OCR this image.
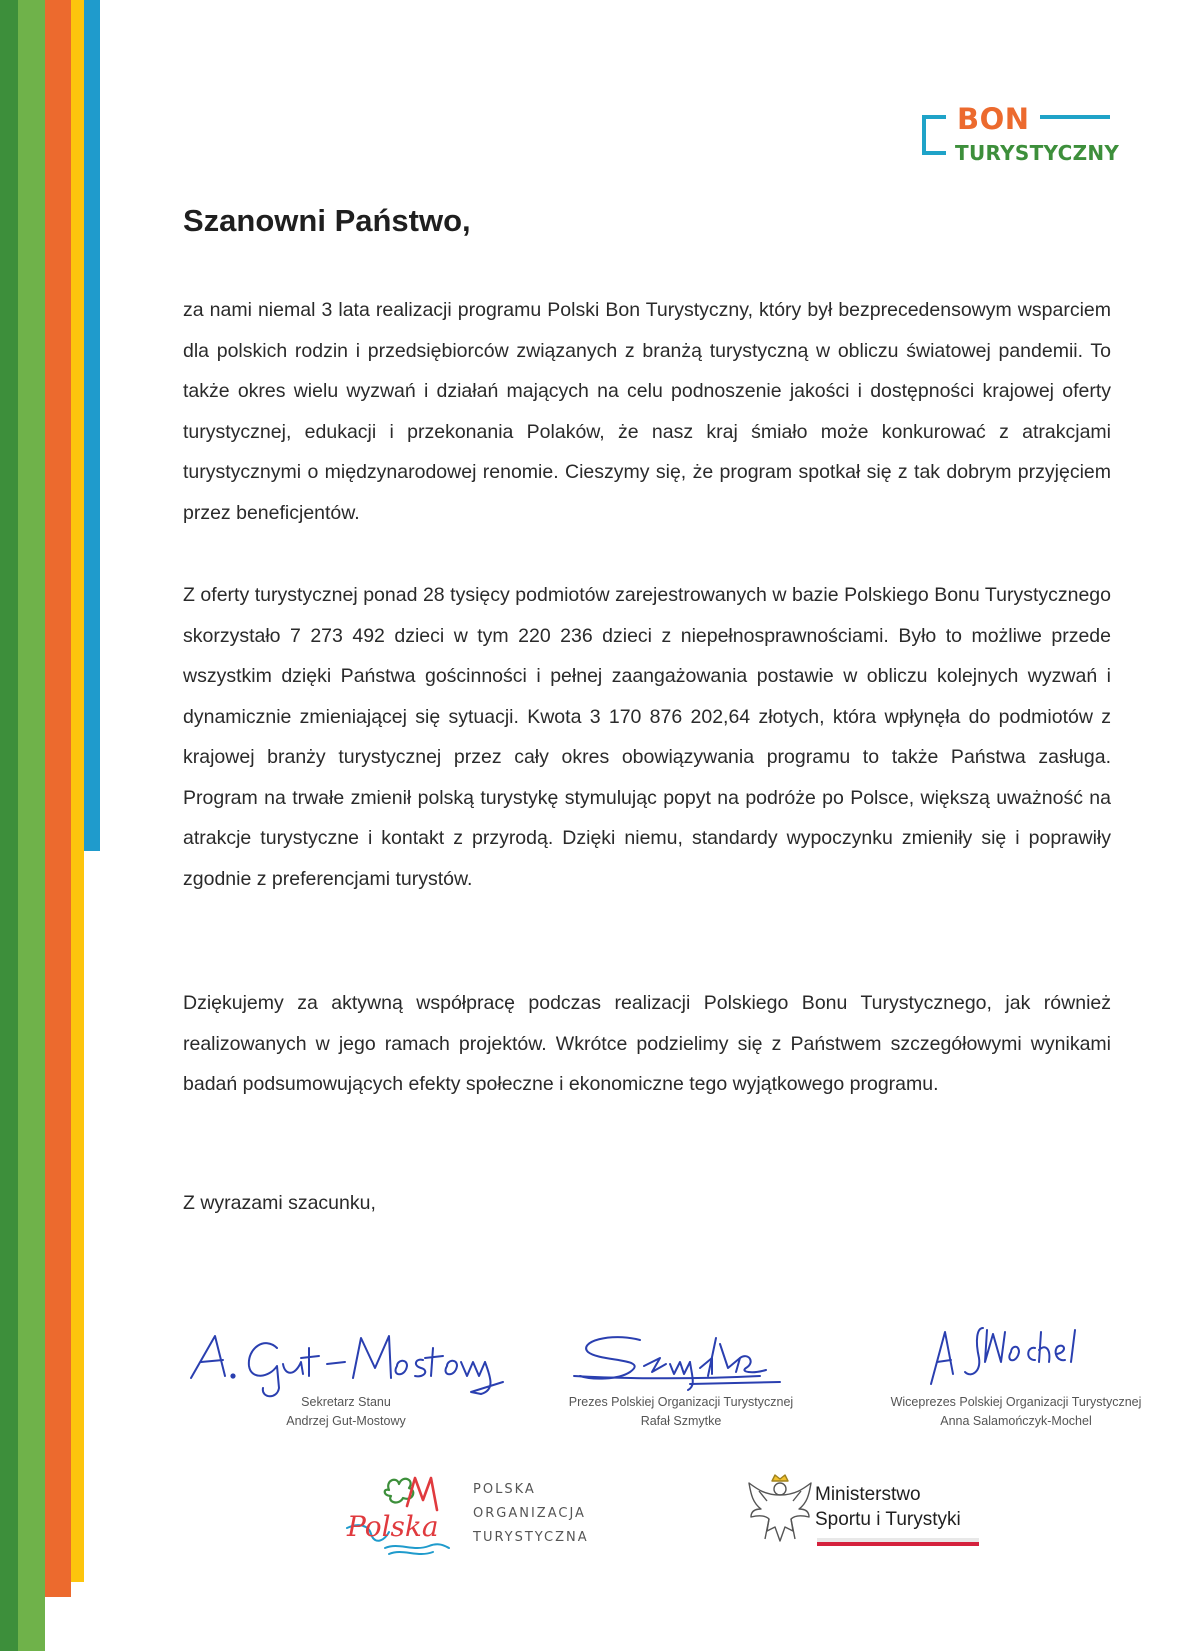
BON
TURYSTYCZNY
Szanowni Państwo,

za nami niemal 3 lata realizacji programu Polski Bon Turystyczny, który był bezprecedensowym wsparciem dla polskich rodzin i przedsiębiorców związanych z branżą turystyczną w obliczu światowej pandemii. To także okres wielu wyzwań i działań mających na celu podnoszenie jakości i dostępności krajowej oferty turystycznej, edukacji i przekonania Polaków, że nasz kraj śmiało może konkurować z atrakcjami turystycznymi o międzynarodowej renomie. Cieszymy się, że program spotkał się z tak dobrym przyjęciem przez beneficjentów.

Z oferty turystycznej ponad 28 tysięcy podmiotów zarejestrowanych w bazie Polskiego Bonu Turystycznego skorzystało 7 273 492 dzieci w tym 220 236 dzieci z niepełnosprawnościami. Było to możliwe przede wszystkim dzięki Państwa gościnności i pełnej zaangażowania postawie w obliczu kolejnych wyzwań i dynamicznie zmieniającej się sytuacji. Kwota 3 170 876 202,64 złotych, która wpłynęła do podmiotów z krajowej branży turystycznej przez cały okres obowiązywania programu to także Państwa zasługa. Program na trwałe zmienił polską turystykę stymulując popyt na podróże po Polsce, większą uważność na atrakcje turystyczne i kontakt z przyrodą. Dzięki niemu, standardy wypoczynku zmieniły się i poprawiły zgodnie z preferencjami turystów.

Dziękujemy za aktywną współpracę podczas realizacji Polskiego Bonu Turystycznego, jak również realizowanych w jego ramach projektów. Wkrótce podzielimy się z Państwem szczegółowymi wynikami badań podsumowujących efekty społeczne i ekonomiczne tego wyjątkowego programu.

Z wyrazami szacunku,
Sekretarz Stanu
Andrzej Gut-Mostowy
Prezes Polskiej Organizacji Turystycznej
Rafał Szmytke
Wiceprezes Polskiej Organizacji Turystycznej
Anna Salamończyk-Mochel
Polska
POLSKA
ORGANIZACJA
TURYSTYCZNA
Ministerstwo
Sportu i Turystyki
